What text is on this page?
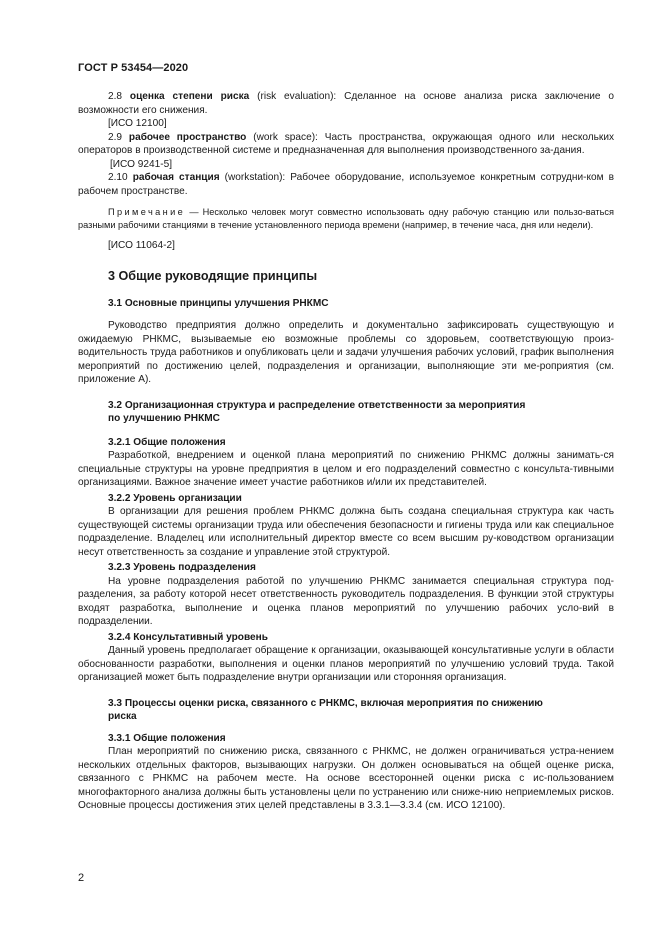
ГОСТ Р 53454—2020

2.8 оценка степени риска (risk evaluation): Сделанное на основе анализа риска заключение о возможности его снижения.

[ИСО 12100]

2.9 рабочее пространство (work space): Часть пространства, окружающая одного или нескольких операторов в производственной системе и предназначенная для выполнения производственного за-дания.

[ИСО 9241-5]

2.10 рабочая станция (workstation): Рабочее оборудование, используемое конкретным сотрудни-ком в рабочем пространстве.

Примечание — Несколько человек могут совместно использовать одну рабочую станцию или пользо-ваться разными рабочими станциями в течение установленного периода времени (например, в течение часа, дня или недели).

[ИСО 11064-2]

3 Общие руководящие принципы
3.1 Основные принципы улучшения РНКМС

Руководство предприятия должно определить и документально зафиксировать существующую и ожидаемую РНКМС, вызываемые ею возможные проблемы со здоровьем, соответствующую произ-водительность труда работников и опубликовать цели и задачи улучшения рабочих условий, график выполнения мероприятий по достижению целей, подразделения и организации, выполняющие эти ме-роприятия (см. приложение А).

3.2 Организационная структура и распределение ответственности за мероприятия
по улучшению РНКМС
3.2.1 Общие положения

Разработкой, внедрением и оценкой плана мероприятий по снижению РНКМС должны занимать-ся специальные структуры на уровне предприятия в целом и его подразделений совместно с консульта-тивными организациями. Важное значение имеет участие работников и/или их представителей.

3.2.2 Уровень организации

В организации для решения проблем РНКМС должна быть создана специальная структура как часть существующей системы организации труда или обеспечения безопасности и гигиены труда или как специальное подразделение. Владелец или исполнительный директор вместе со всем высшим ру-ководством организации несут ответственность за создание и управление этой структурой.

3.2.3 Уровень подразделения

На уровне подразделения работой по улучшению РНКМС занимается специальная структура под-разделения, за работу которой несет ответственность руководитель подразделения. В функции этой структуры входят разработка, выполнение и оценка планов мероприятий по улучшению рабочих усло-вий в подразделении.

3.2.4 Консультативный уровень

Данный уровень предполагает обращение к организации, оказывающей консультативные услуги в области обоснованности разработки, выполнения и оценки планов мероприятий по улучшению условий труда. Такой организацией может быть подразделение внутри организации или сторонняя организация.

3.3 Процессы оценки риска, связанного с РНКМС, включая мероприятия по снижению
риска
3.3.1 Общие положения

План мероприятий по снижению риска, связанного с РНКМС, не должен ограничиваться устра-нением нескольких отдельных факторов, вызывающих нагрузки. Он должен основываться на общей оценке риска, связанного с РНКМС на рабочем месте. На основе всесторонней оценки риска с ис-пользованием многофакторного анализа должны быть установлены цели по устранению или сниже-нию неприемлемых рисков. Основные процессы достижения этих целей представлены в 3.3.1—3.3.4 (см. ИСО 12100).

2
